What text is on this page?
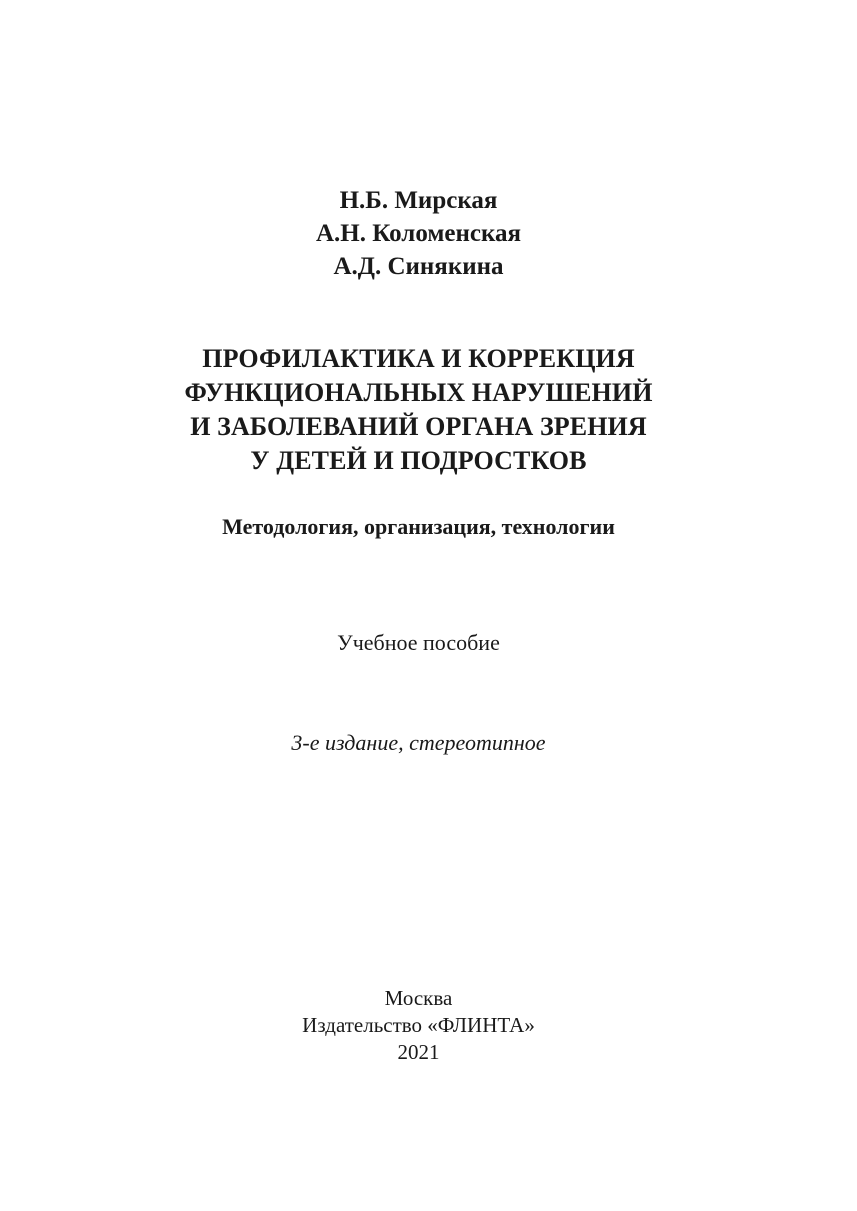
Н.Б. Мирская
А.Н. Коломенская
А.Д. Синякина
ПРОФИЛАКТИКА И КОРРЕКЦИЯ
ФУНКЦИОНАЛЬНЫХ НАРУШЕНИЙ
И ЗАБОЛЕВАНИЙ ОРГАНА ЗРЕНИЯ
У ДЕТЕЙ И ПОДРОСТКОВ
Методология, организация, технологии
Учебное пособие
3-е издание, стереотипное
Москва
Издательство «ФЛИНТА»
2021
